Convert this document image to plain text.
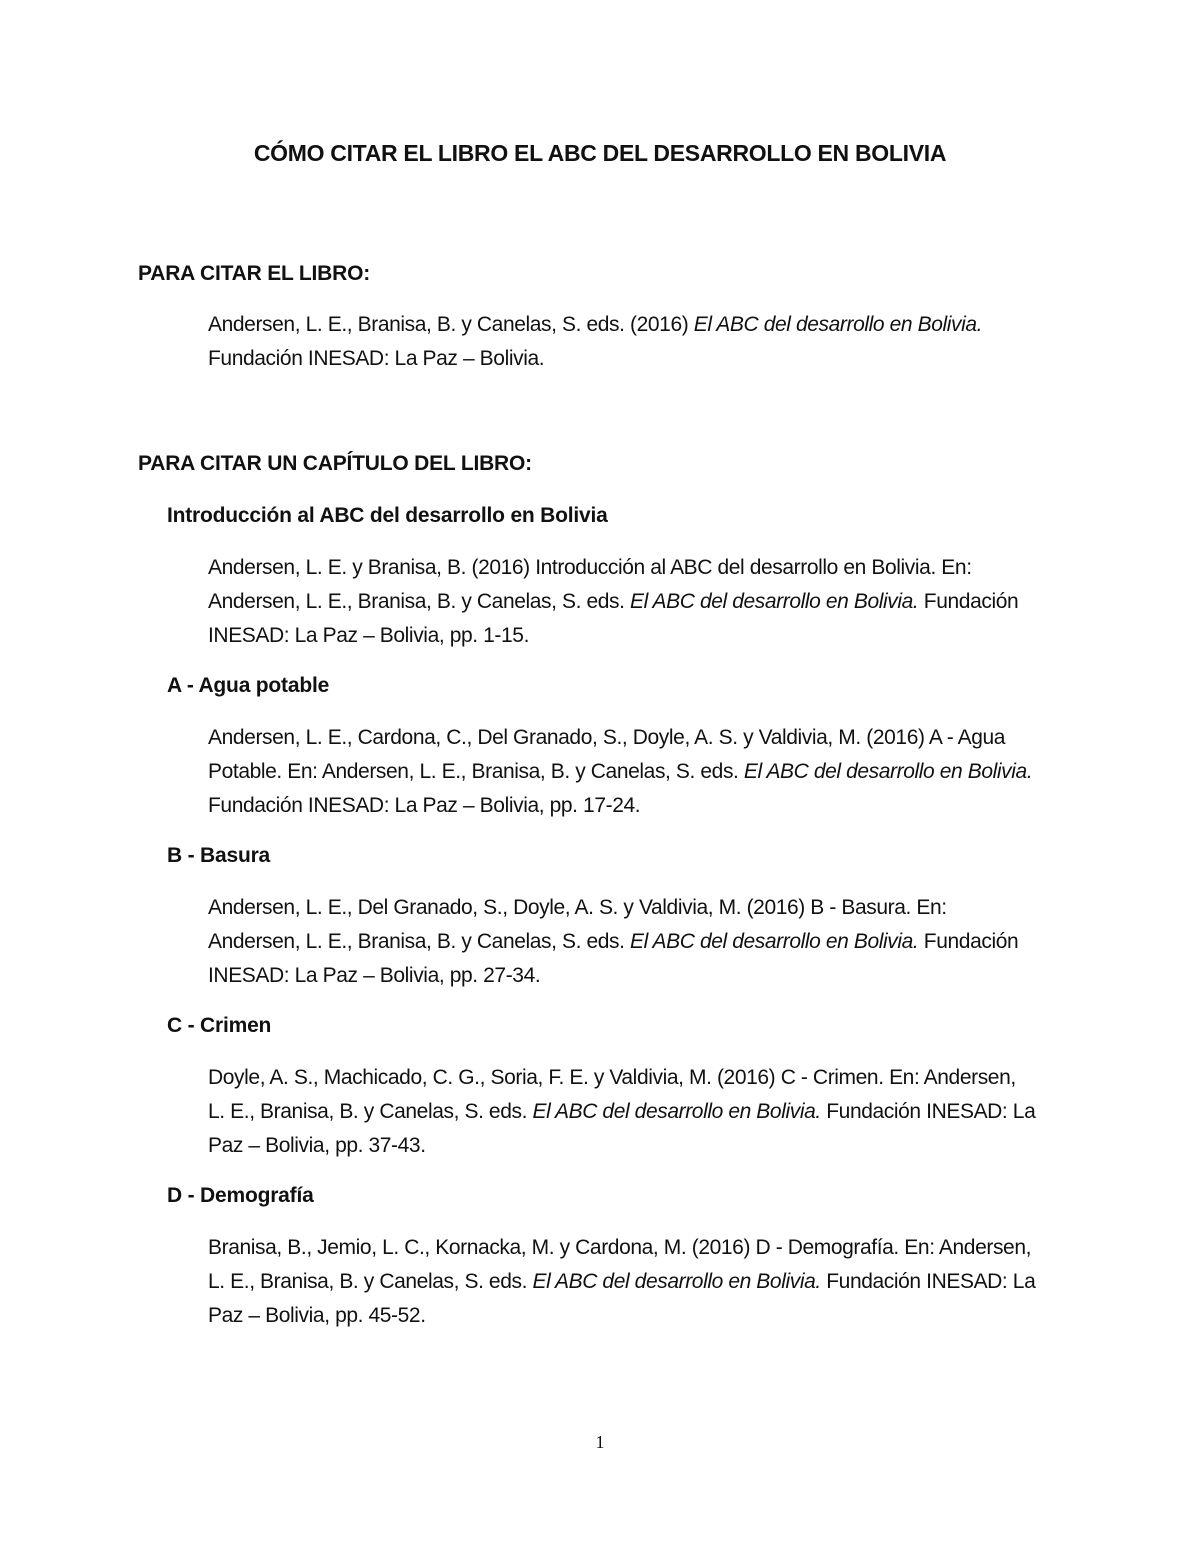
CÓMO CITAR EL LIBRO EL ABC DEL DESARROLLO EN BOLIVIA
PARA CITAR EL LIBRO:
Andersen, L. E., Branisa, B. y Canelas, S. eds. (2016) El ABC del desarrollo en Bolivia.
Fundación INESAD: La Paz – Bolivia.
PARA CITAR UN CAPÍTULO DEL LIBRO:
Introducción al ABC del desarrollo en Bolivia
Andersen, L. E. y Branisa, B. (2016) Introducción al ABC del desarrollo en Bolivia. En:
Andersen, L. E., Branisa, B. y Canelas, S. eds. El ABC del desarrollo en Bolivia. Fundación
INESAD: La Paz – Bolivia, pp. 1-15.
A - Agua potable
Andersen, L. E., Cardona, C., Del Granado, S., Doyle, A. S. y Valdivia, M. (2016) A - Agua
Potable. En: Andersen, L. E., Branisa, B. y Canelas, S. eds. El ABC del desarrollo en Bolivia.
Fundación INESAD: La Paz – Bolivia, pp. 17-24.
B - Basura
Andersen, L. E., Del Granado, S., Doyle, A. S. y Valdivia, M. (2016) B - Basura. En:
Andersen, L. E., Branisa, B. y Canelas, S. eds. El ABC del desarrollo en Bolivia. Fundación
INESAD: La Paz – Bolivia, pp. 27-34.
C - Crimen
Doyle, A. S., Machicado, C. G., Soria, F. E. y Valdivia, M. (2016) C - Crimen. En: Andersen,
L. E., Branisa, B. y Canelas, S. eds. El ABC del desarrollo en Bolivia. Fundación INESAD: La
Paz – Bolivia, pp. 37-43.
D - Demografía
Branisa, B., Jemio, L. C., Kornacka, M. y Cardona, M. (2016) D - Demografía. En: Andersen,
L. E., Branisa, B. y Canelas, S. eds. El ABC del desarrollo en Bolivia. Fundación INESAD: La
Paz – Bolivia, pp. 45-52.
1
